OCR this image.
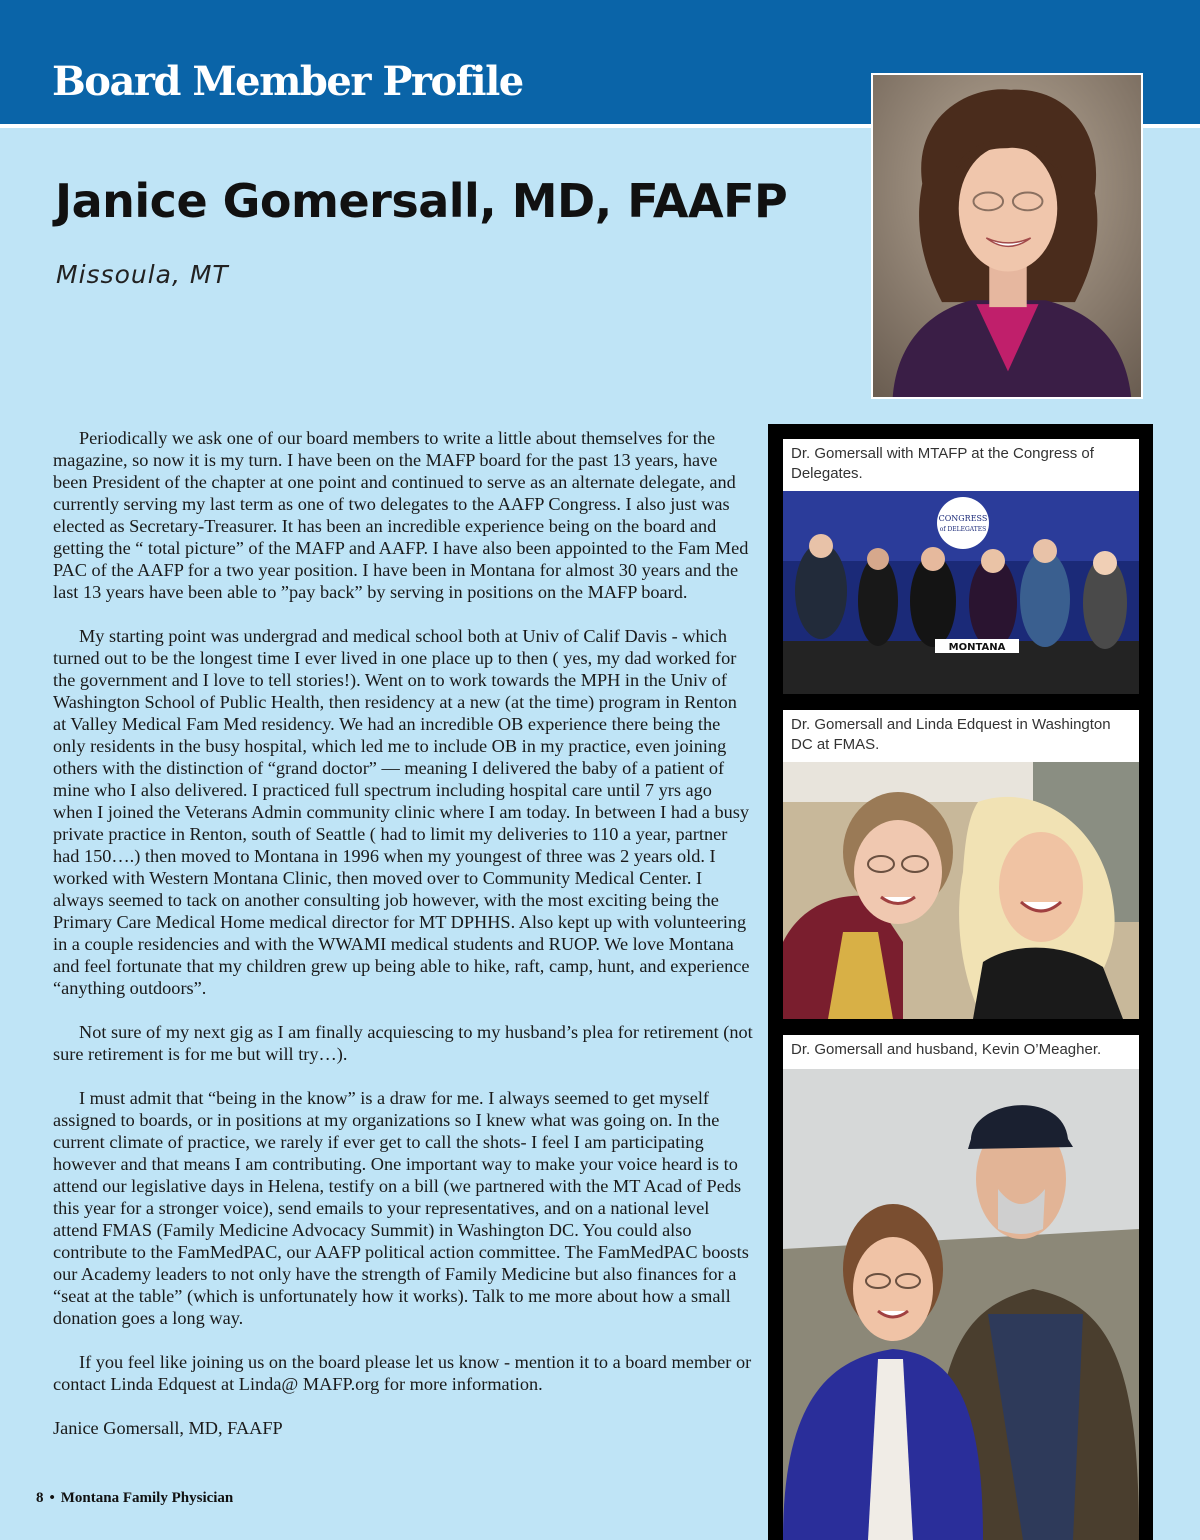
Board Member Profile
Janice Gomersall, MD, FAAFP
Missoula, MT
Dr. Gomersall with MTAFP at the Congress of Delegates.
CONGRESS
of DELEGATES
MONTANA
Dr. Gomersall and Linda Edquest in Washington DC at FMAS.
Dr. Gomersall and husband, Kevin O’Meagher.

Periodically we ask one of our board members to write a little about themselves for the magazine, so now it is my turn. I have been on the MAFP board for the past 13 years, have been President of the chapter at one point and continued to serve as an alternate delegate, and currently serving my last term as one of two delegates to the AAFP Congress. I also just was elected as Secretary-Treasurer. It has been an incredible experience being on the board and getting the “ total picture” of the MAFP and AAFP. I have also been appointed to the Fam Med PAC of the AAFP for a two year position. I have been in Montana for almost 30 years and the last 13 years have been able to ”pay back” by serving in positions on the MAFP board.

My starting point was undergrad and medical school both at Univ of Calif Davis - which turned out to be the longest time I ever lived in one place up to then ( yes, my dad worked for the government and I love to tell stories!). Went on to work towards the MPH in the Univ of Washington School of Public Health, then residency at a new (at the time) program in Renton at Valley Medical Fam Med residency. We had an incredible OB experience there being the only residents in the busy hospital, which led me to include OB in my practice, even joining others with the distinction of “grand doctor” — meaning I delivered the baby of a patient of mine who I also delivered. I practiced full spectrum including hospital care until 7 yrs ago when I joined the Veterans Admin community clinic where I am today. In between I had a busy private practice in Renton, south of Seattle ( had to limit my deliveries to 110 a year, partner had 150….) then moved to Montana in 1996 when my youngest of three was 2 years old. I worked with Western Montana Clinic, then moved over to Community Medical Center. I always seemed to tack on another consulting job however, with the most exciting being the Primary Care Medical Home medical director for MT DPHHS. Also kept up with volunteering in a couple residencies and with the WWAMI medical students and RUOP. We love Montana and feel fortunate that my children grew up being able to hike, raft, camp, hunt, and experience “anything outdoors”.

Not sure of my next gig as I am finally acquiescing to my husband’s plea for retirement (not sure retirement is for me but will try…).

I must admit that “being in the know” is a draw for me. I always seemed to get myself assigned to boards, or in positions at my organizations so I knew what was going on. In the current climate of practice, we rarely if ever get to call the shots- I feel I am participating however and that means I am contributing. One important way to make your voice heard is to attend our legislative days in Helena, testify on a bill (we partnered with the MT Acad of Peds this year for a stronger voice), send emails to your representatives, and on a national level attend FMAS (Family Medicine Advocacy Summit) in Washington DC. You could also contribute to the FamMedPAC, our AAFP political action committee. The FamMedPAC boosts our Academy leaders to not only have the strength of Family Medicine but also finances for a “seat at the table” (which is unfortunately how it works). Talk to me more about how a small donation goes a long way.

If you feel like joining us on the board please let us know - mention it to a board member or contact Linda Edquest at Linda@ MAFP.org for more information.

Janice Gomersall, MD, FAAFP

8 • Montana Family Physician
